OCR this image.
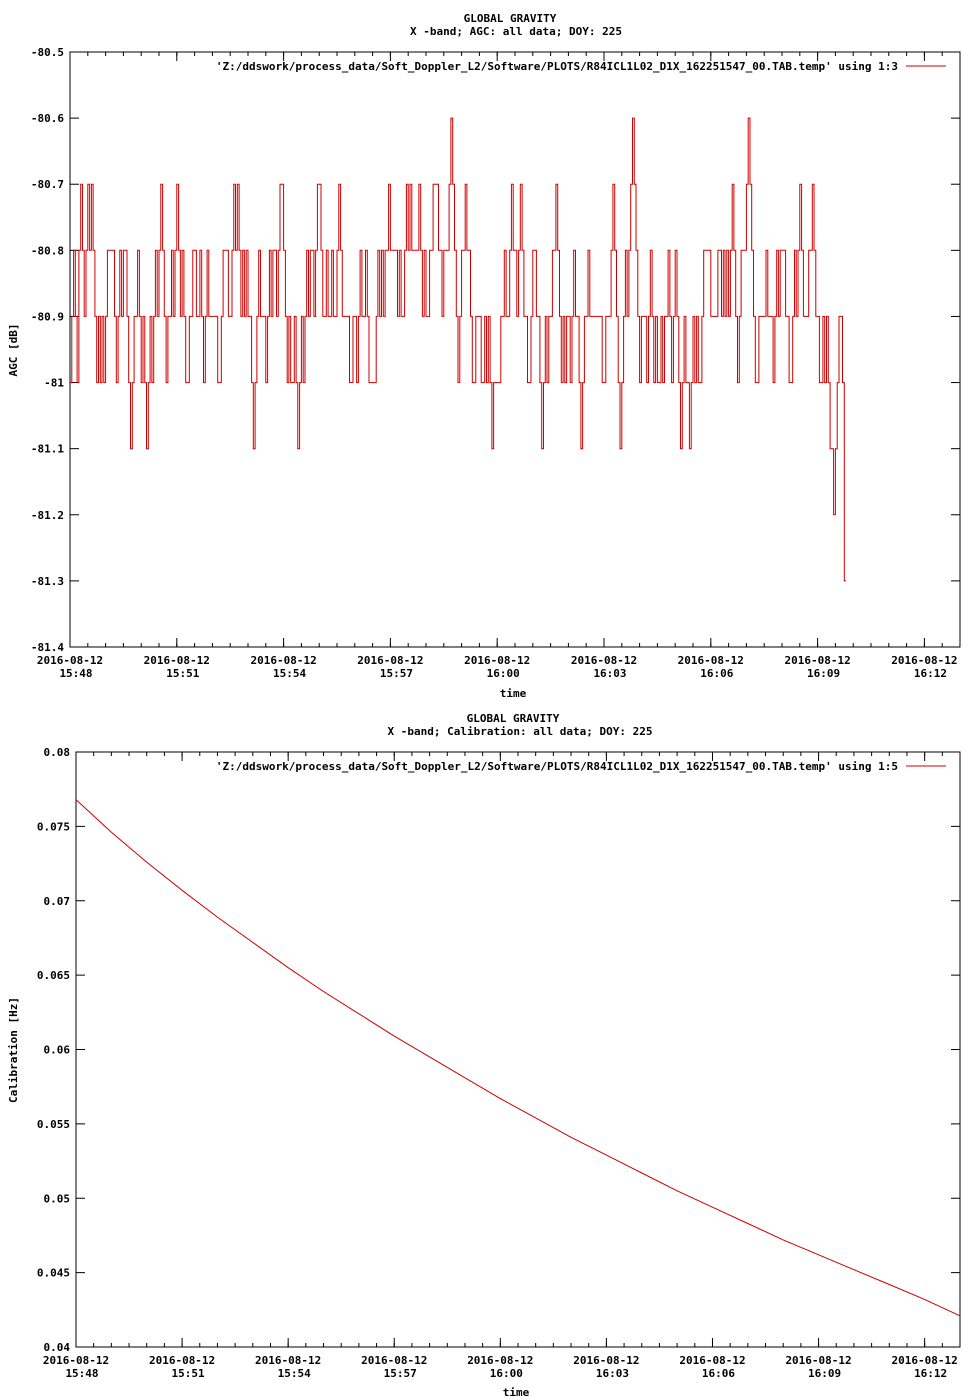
GLOBAL GRAVITY
X -band; AGC: all data; DOY: 225
time
AGC [dB]
'Z:/ddswork/process_data/Soft_Doppler_L2/Software/PLOTS/R84ICL1L02_D1X_162251547_00.TAB.temp' using 1:3
-80.5
-80.6
-80.7
-80.8
-80.9
-81
-81.1
-81.2
-81.3
-81.4
2016-08-12
15:48
2016-08-12
15:51
2016-08-12
15:54
2016-08-12
15:57
2016-08-12
16:00
2016-08-12
16:03
2016-08-12
16:06
2016-08-12
16:09
2016-08-12
16:12
GLOBAL GRAVITY
X -band; Calibration: all data; DOY: 225
time
Calibration [Hz]
'Z:/ddswork/process_data/Soft_Doppler_L2/Software/PLOTS/R84ICL1L02_D1X_162251547_00.TAB.temp' using 1:5
0.08
0.075
0.07
0.065
0.06
0.055
0.05
0.045
0.04
2016-08-12
15:48
2016-08-12
15:51
2016-08-12
15:54
2016-08-12
15:57
2016-08-12
16:00
2016-08-12
16:03
2016-08-12
16:06
2016-08-12
16:09
2016-08-12
16:12
